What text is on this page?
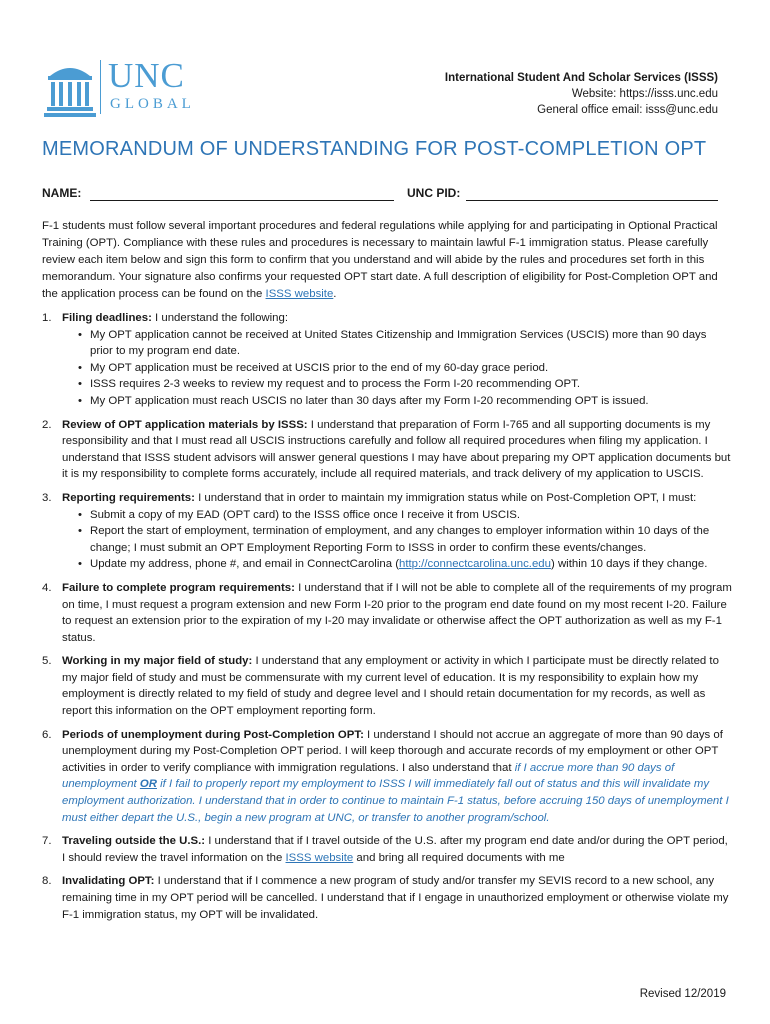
UNC
GLOBAL
International Student And Scholar Services (ISSS)
Website: https://isss.unc.edu
General office email: isss@unc.edu
MEMORANDUM OF UNDERSTANDING FOR POST-COMPLETION OPT
NAME:	UNC PID:
F-1 students must follow several important procedures and federal regulations while applying for and participating in Optional Practical Training (OPT). Compliance with these rules and procedures is necessary to maintain lawful F-1 immigration status. Please carefully review each item below and sign this form to confirm that you understand and will abide by the rules and procedures set forth in this memorandum. Your signature also confirms your requested OPT start date. A full description of eligibility for Post-Completion OPT and the application process can be found on the ISSS website.
1. Filing deadlines: I understand the following:
• My OPT application cannot be received at United States Citizenship and Immigration Services (USCIS) more than 90 days prior to my program end date.
• My OPT application must be received at USCIS prior to the end of my 60-day grace period.
• ISSS requires 2-3 weeks to review my request and to process the Form I-20 recommending OPT.
• My OPT application must reach USCIS no later than 30 days after my Form I-20 recommending OPT is issued.
2. Review of OPT application materials by ISSS: I understand that preparation of Form I-765 and all supporting documents is my responsibility and that I must read all USCIS instructions carefully and follow all required procedures when filing my application. I understand that ISSS student advisors will answer general questions I may have about preparing my OPT application documents but it is my responsibility to complete forms accurately, include all required materials, and track delivery of my application to USCIS.
3. Reporting requirements: I understand that in order to maintain my immigration status while on Post-Completion OPT, I must:
• Submit a copy of my EAD (OPT card) to the ISSS office once I receive it from USCIS.
• Report the start of employment, termination of employment, and any changes to employer information within 10 days of the change; I must submit an OPT Employment Reporting Form to ISSS in order to confirm these events/changes.
• Update my address, phone #, and email in ConnectCarolina (http://connectcarolina.unc.edu) within 10 days if they change.
4. Failure to complete program requirements: I understand that if I will not be able to complete all of the requirements of my program on time, I must request a program extension and new Form I-20 prior to the program end date found on my most recent I-20. Failure to request an extension prior to the expiration of my I-20 may invalidate or otherwise affect the OPT authorization as well as my F-1 status.
5. Working in my major field of study: I understand that any employment or activity in which I participate must be directly related to my major field of study and must be commensurate with my current level of education. It is my responsibility to explain how my employment is directly related to my field of study and degree level and I should retain documentation for my records, as well as report this information on the OPT employment reporting form.
6. Periods of unemployment during Post-Completion OPT: I understand I should not accrue an aggregate of more than 90 days of unemployment during my Post-Completion OPT period. I will keep thorough and accurate records of my employment or other OPT activities in order to verify compliance with immigration regulations. I also understand that if I accrue more than 90 days of unemployment OR if I fail to properly report my employment to ISSS I will immediately fall out of status and this will invalidate my employment authorization. I understand that in order to continue to maintain F-1 status, before accruing 150 days of unemployment I must either depart the U.S., begin a new program at UNC, or transfer to another program/school.
7. Traveling outside the U.S.: I understand that if I travel outside of the U.S. after my program end date and/or during the OPT period, I should review the travel information on the ISSS website and bring all required documents with me
8. Invalidating OPT: I understand that if I commence a new program of study and/or transfer my SEVIS record to a new school, any remaining time in my OPT period will be cancelled. I understand that if I engage in unauthorized employment or otherwise violate my F-1 immigration status, my OPT will be invalidated.
Revised 12/2019
